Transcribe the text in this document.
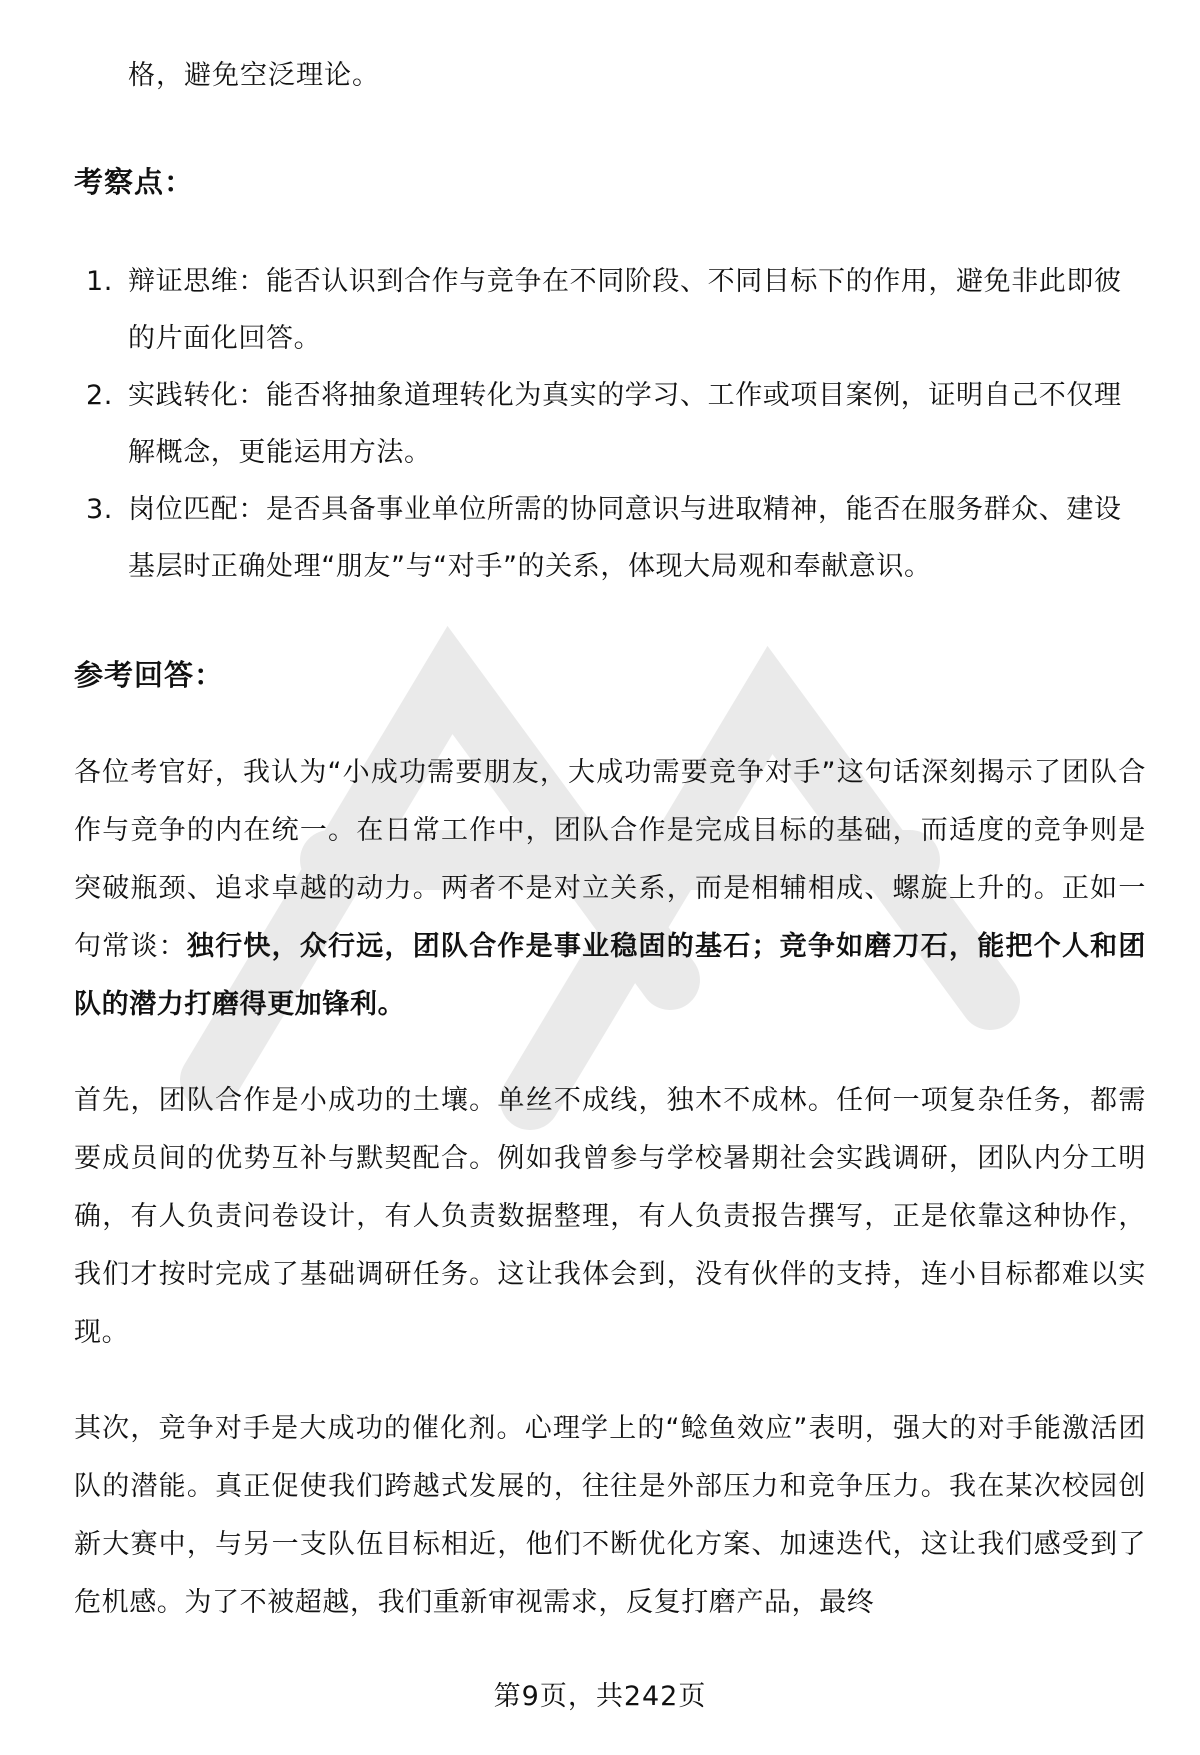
格，避免空泛理论。
考察点：
1. 辩证思维：能否认识到合作与竞争在不同阶段、不同目标下的作用，避免非此即彼的片面化回答。
2. 实践转化：能否将抽象道理转化为真实的学习、工作或项目案例，证明自己不仅理解概念，更能运用方法。
3. 岗位匹配：是否具备事业单位所需的协同意识与进取精神，能否在服务群众、建设基层时正确处理“朋友”与“对手”的关系，体现大局观和奉献意识。
参考回答：

各位考官好，我认为“小成功需要朋友，大成功需要竞争对手”这句话深刻揭示了团队合作与竞争的内在统一。在日常工作中，团队合作是完成目标的基础，而适度的竞争则是突破瓶颈、追求卓越的动力。两者不是对立关系，而是相辅相成、螺旋上升的。正如一句常谈：独行快，众行远，团队合作是事业稳固的基石；竞争如磨刀石，能把个人和团队的潜力打磨得更加锋利。

首先，团队合作是小成功的土壤。单丝不成线，独木不成林。任何一项复杂任务，都需要成员间的优势互补与默契配合。例如我曾参与学校暑期社会实践调研，团队内分工明确，有人负责问卷设计，有人负责数据整理，有人负责报告撰写，正是依靠这种协作，我们才按时完成了基础调研任务。这让我体会到，没有伙伴的支持，连小目标都难以实现。

其次，竞争对手是大成功的催化剂。心理学上的“鲶鱼效应”表明，强大的对手能激活团队的潜能。真正促使我们跨越式发展的，往往是外部压力和竞争压力。我在某次校园创新大赛中，与另一支队伍目标相近，他们不断优化方案、加速迭代，这让我们感受到了危机感。为了不被超越，我们重新审视需求，反复打磨产品，最终

第9页，共242页
